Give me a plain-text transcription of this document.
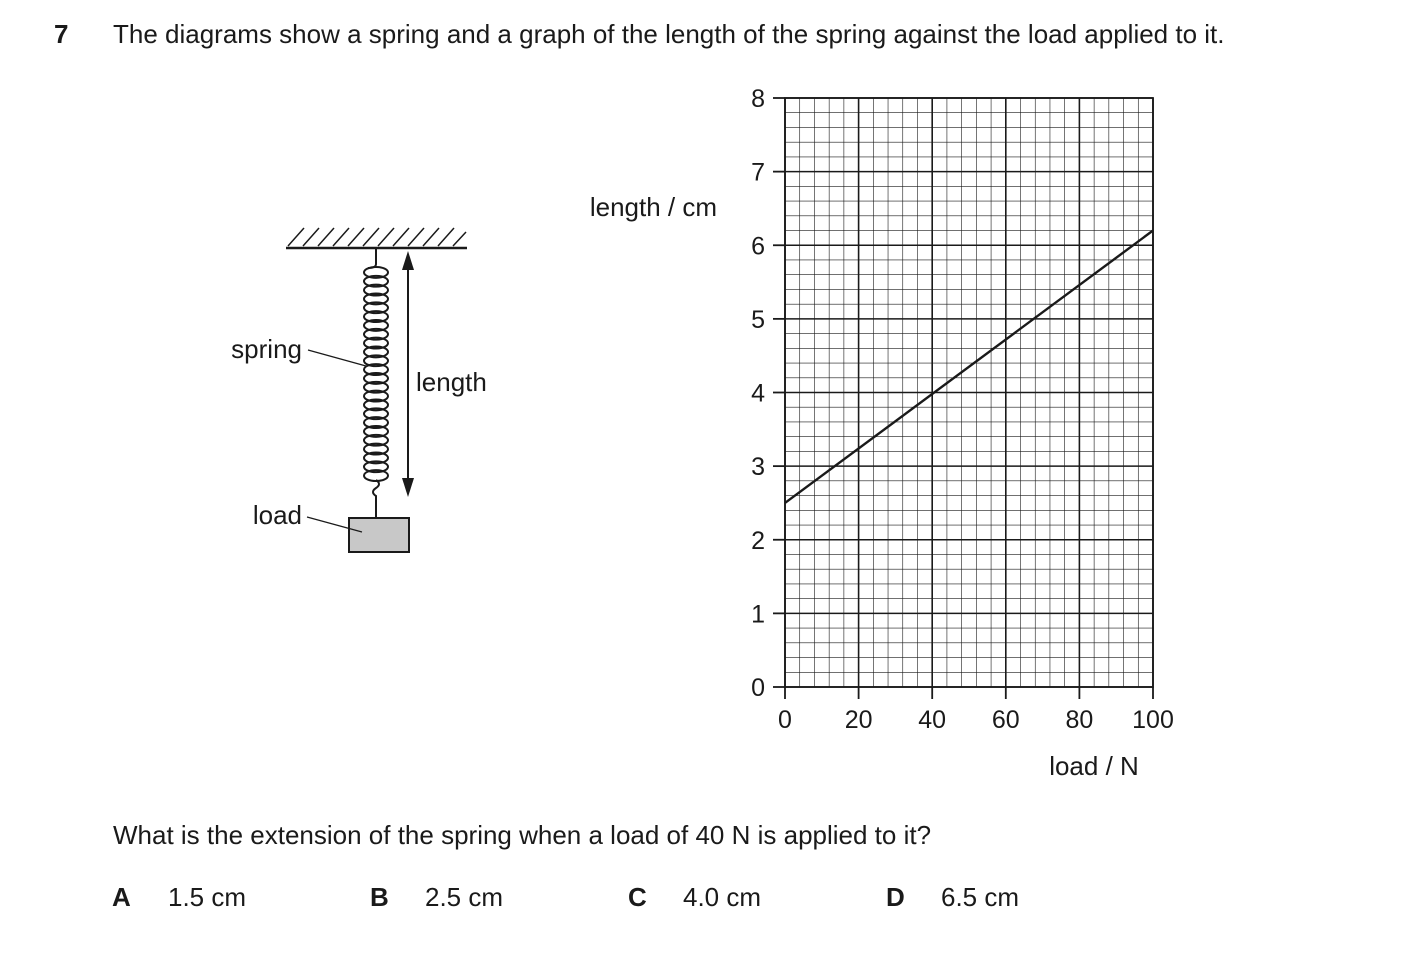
7 The diagrams show a spring and a graph of the length of the spring against the load applied to it.
spring
length
load
0
1
2
3
4
5
6
7
8
0 20 40 60 80 100
length / cm
load / N
What is the extension of the spring when a load of 40 N is applied to it?
A 1.5 cm	B 2.5 cm	C 4.0 cm	D 6.5 cm
